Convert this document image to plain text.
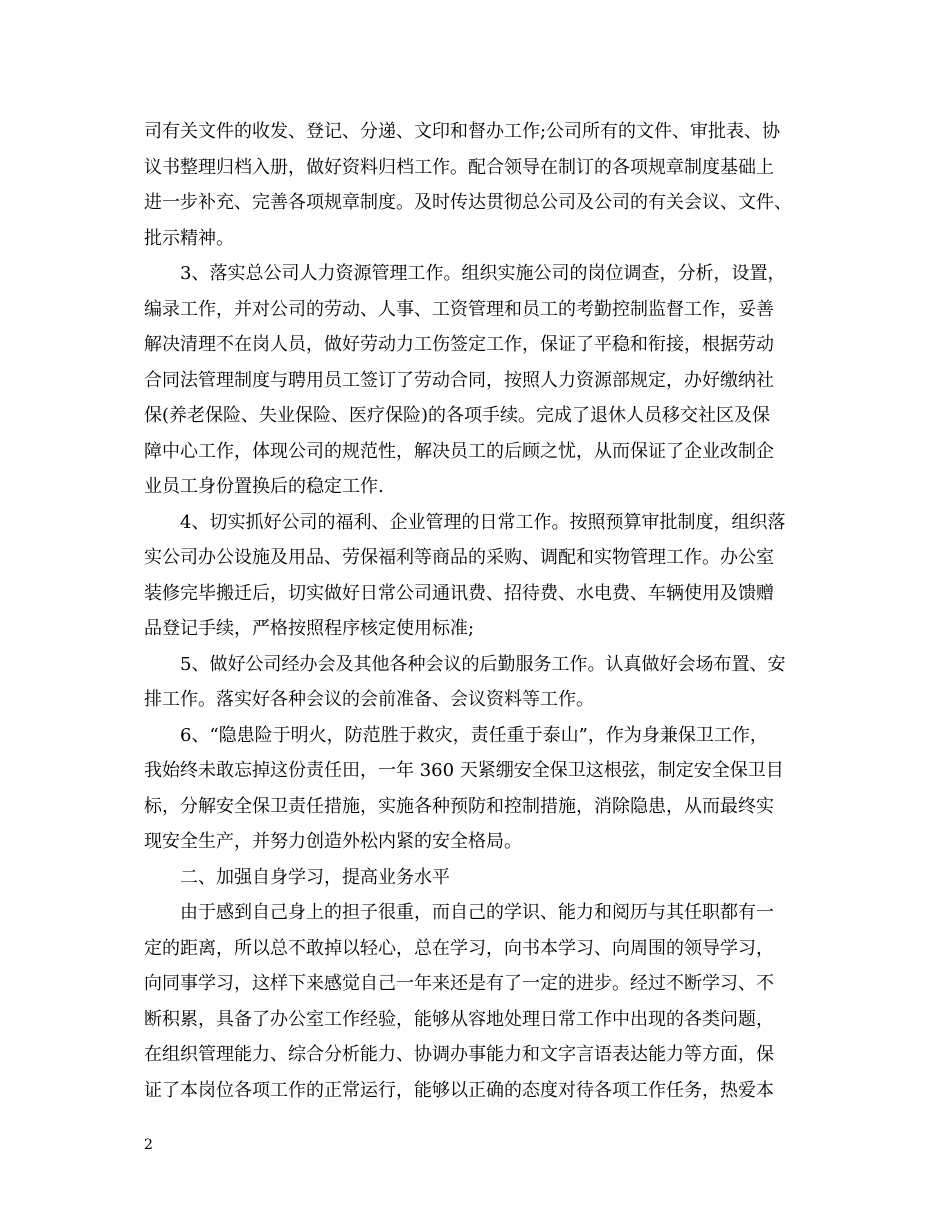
司有关文件的收发、登记、分递、文印和督办工作;公司所有的文件、审批表、协
议书整理归档入册，做好资料归档工作。配合领导在制订的各项规章制度基础上
进一步补充、完善各项规章制度。及时传达贯彻总公司及公司的有关会议、文件、
批示精神。
3、落实总公司人力资源管理工作。组织实施公司的岗位调查，分析，设置，
编录工作，并对公司的劳动、人事、工资管理和员工的考勤控制监督工作，妥善
解决清理不在岗人员，做好劳动力工伤签定工作，保证了平稳和衔接，根据劳动
合同法管理制度与聘用员工签订了劳动合同，按照人力资源部规定，办好缴纳社
保(养老保险、失业保险、医疗保险)的各项手续。完成了退休人员移交社区及保
障中心工作，体现公司的规范性，解决员工的后顾之忧，从而保证了企业改制企
业员工身份置换后的稳定工作.
4、切实抓好公司的福利、企业管理的日常工作。按照预算审批制度，组织落
实公司办公设施及用品、劳保福利等商品的采购、调配和实物管理工作。办公室
装修完毕搬迁后，切实做好日常公司通讯费、招待费、水电费、车辆使用及馈赠
品登记手续，严格按照程序核定使用标准;
5、做好公司经办会及其他各种会议的后勤服务工作。认真做好会场布置、安
排工作。落实好各种会议的会前准备、会议资料等工作。
6、“隐患险于明火，防范胜于救灾，责任重于泰山”，作为身兼保卫工作，
我始终未敢忘掉这份责任田，一年 360 天紧绷安全保卫这根弦，制定安全保卫目
标，分解安全保卫责任措施，实施各种预防和控制措施，消除隐患，从而最终实
现安全生产，并努力创造外松内紧的安全格局。
二、加强自身学习，提高业务水平
由于感到自己身上的担子很重，而自己的学识、能力和阅历与其任职都有一
定的距离，所以总不敢掉以轻心，总在学习，向书本学习、向周围的领导学习，
向同事学习，这样下来感觉自己一年来还是有了一定的进步。经过不断学习、不
断积累，具备了办公室工作经验，能够从容地处理日常工作中出现的各类问题，
在组织管理能力、综合分析能力、协调办事能力和文字言语表达能力等方面，保
证了本岗位各项工作的正常运行，能够以正确的态度对待各项工作任务，热爱本
2
